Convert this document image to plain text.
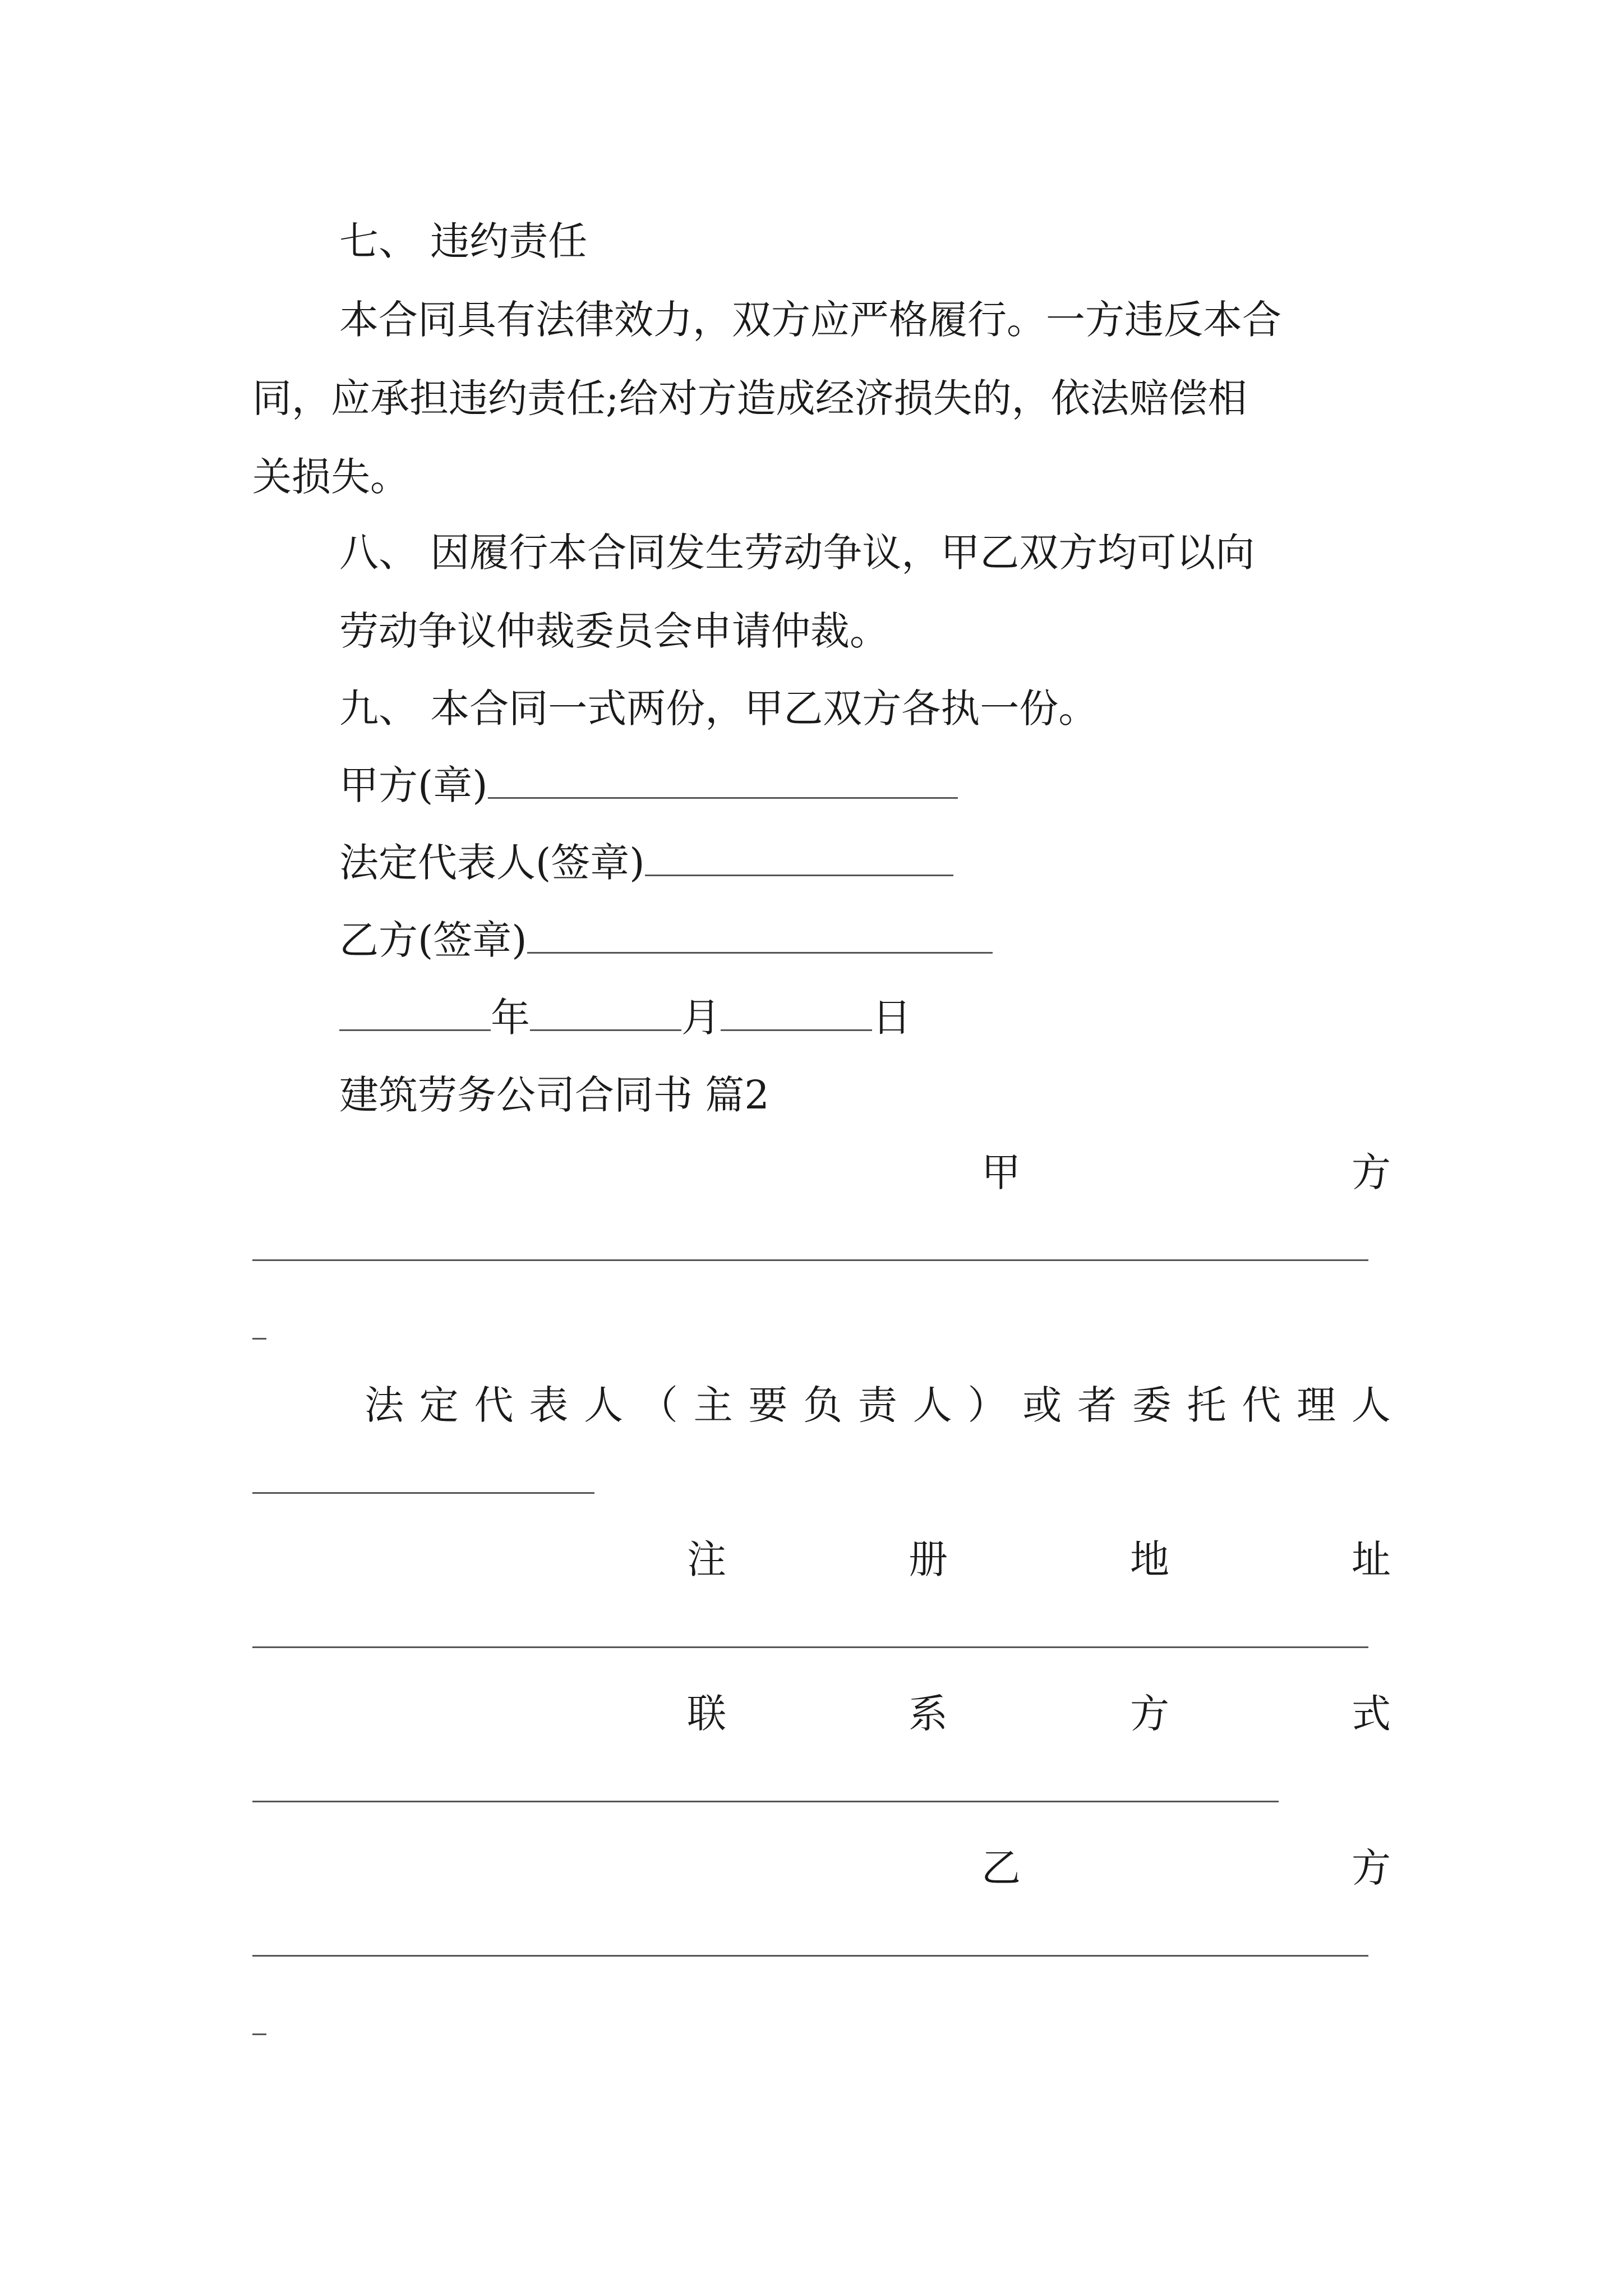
七、 违约责任
本合同具有法律效力，双方应严格履行。一方违反本合
同，应承担违约责任;给对方造成经济损失的，依法赔偿相
关损失。
八、 因履行本合同发生劳动争议，甲乙双方均可以向
劳动争议仲裁委员会申请仲裁。
九、 本合同一式两份，甲乙双方各执一份。
甲方(章)
法定代表人(签章)
乙方(签章)
年	月	日
建筑劳务公司合同书 篇2
甲	方
法 定 代 表 人 （ 主 要 负 责 人 ） 或 者 委 托 代 理 人
注	册	地	址
联	系	方	式
乙	方
